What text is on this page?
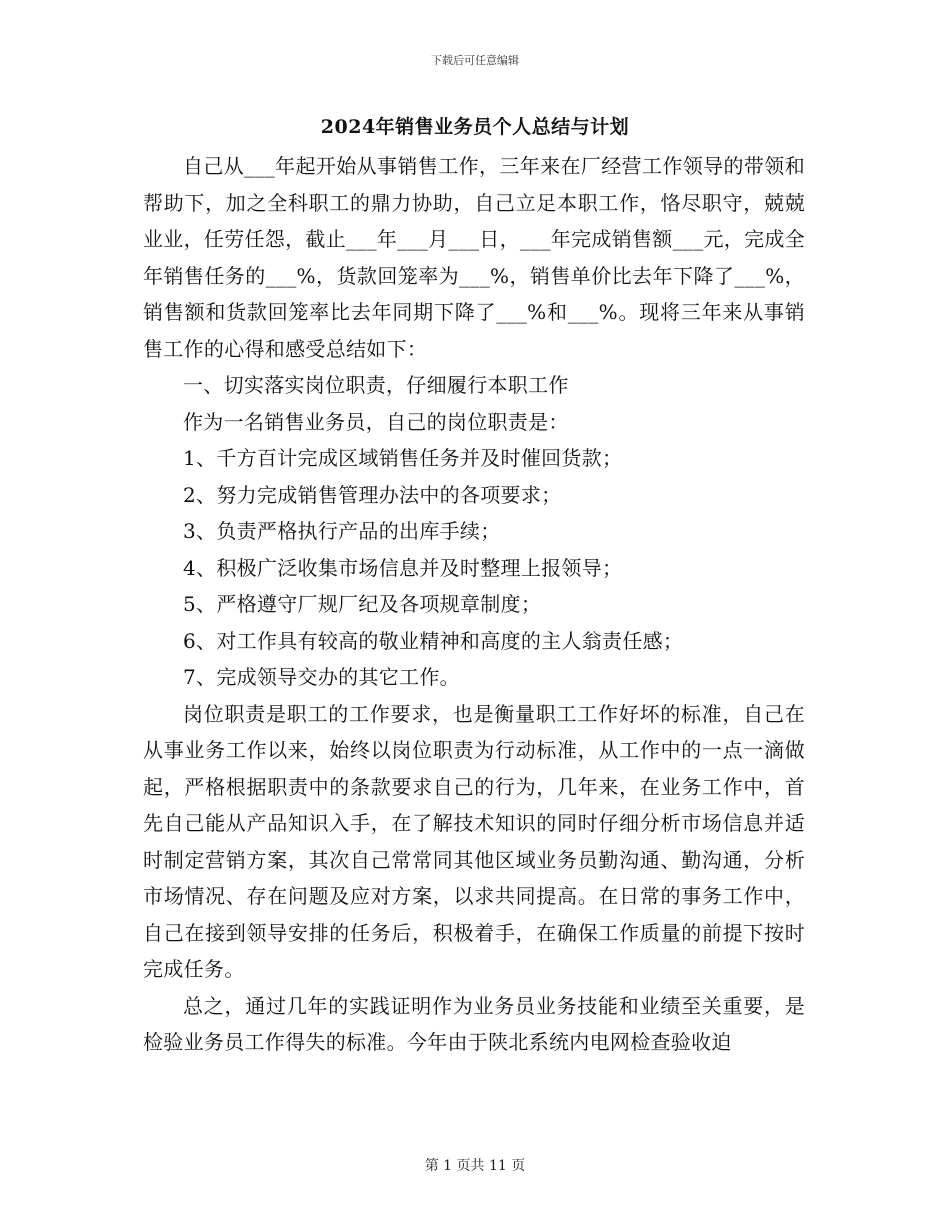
下载后可任意编辑
2024年销售业务员个人总结与计划

自己从___年起开始从事销售工作，三年来在厂经营工作领导的带领和帮助下，加之全科职工的鼎力协助，自己立足本职工作，恪尽职守，兢兢业业，任劳任怨，截止___年___月___日，___年完成销售额___元，完成全年销售任务的___%，货款回笼率为___%，销售单价比去年下降了___%，销售额和货款回笼率比去年同期下降了___%和___%。现将三年来从事销售工作的心得和感受总结如下：

一、切实落实岗位职责，仔细履行本职工作

作为一名销售业务员，自己的岗位职责是：

1、千方百计完成区域销售任务并及时催回货款；

2、努力完成销售管理办法中的各项要求；

3、负责严格执行产品的出库手续；

4、积极广泛收集市场信息并及时整理上报领导；

5、严格遵守厂规厂纪及各项规章制度；

6、对工作具有较高的敬业精神和高度的主人翁责任感；

7、完成领导交办的其它工作。

岗位职责是职工的工作要求，也是衡量职工工作好坏的标准，自己在从事业务工作以来，始终以岗位职责为行动标准，从工作中的一点一滴做起，严格根据职责中的条款要求自己的行为，几年来，在业务工作中，首先自己能从产品知识入手，在了解技术知识的同时仔细分析市场信息并适时制定营销方案，其次自己常常同其他区域业务员勤沟通、勤沟通，分析市场情况、存在问题及应对方案，以求共同提高。在日常的事务工作中，自己在接到领导安排的任务后，积极着手，在确保工作质量的前提下按时完成任务。

总之，通过几年的实践证明作为业务员业务技能和业绩至关重要，是检验业务员工作得失的标准。今年由于陕北系统内电网检查验收迫

第 1 页共 11 页
